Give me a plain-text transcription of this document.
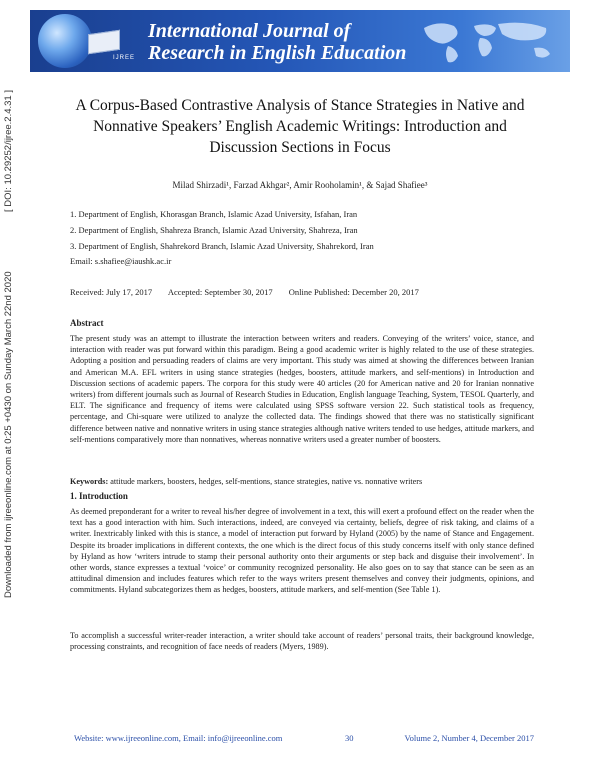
IJREE
International Journal of
Research in English Education
[ DOI: 10.29252/ijree.2.4.31 ]
Downloaded from ijreeonline.com at 0:25 +0430 on Sunday March 22nd 2020
A Corpus-Based Contrastive Analysis of Stance Strategies in Native and
Nonnative Speakers’ English Academic Writings: Introduction and
Discussion Sections in Focus
Milad Shirzadi¹, Farzad Akhgar², Amir Rooholamin¹, & Sajad Shafiee³
1. Department of English, Khorasgan Branch, Islamic Azad University, Isfahan, Iran
2. Department of English, Shahreza Branch, Islamic Azad University, Shahreza, Iran
3. Department of English, Shahrekord Branch, Islamic Azad University, Shahrekord, Iran
Email: s.shafiee@iaushk.ac.ir
Received: July 17, 2017 Accepted: September 30, 2017 Online Published: December 20, 2017
Abstract
The present study was an attempt to illustrate the interaction between writers and readers. Conveying of the writers’ voice, stance, and interaction with reader was put forward within this paradigm. Being a good academic writer is highly related to the use of these strategies. Adopting a position and persuading readers of claims are very important. This study was aimed at showing the differences between Iranian and American M.A. EFL writers in using stance strategies (hedges, boosters, attitude markers, and self-mentions) in Introduction and Discussion sections of academic papers. The corpora for this study were 40 articles (20 for American native and 20 for Iranian nonnative writers) from different journals such as Journal of Research Studies in Education, English language Teaching, System, TESOL Quarterly, and ELT. The significance and frequency of items were calculated using SPSS software version 22. Such statistical tools as frequency, percentage, and Chi-square were utilized to analyze the collected data. The findings showed that there was no statistically significant difference between native and nonnative writers in using stance strategies although native writers tended to use hedges, attitude markers, and self-mentions comparatively more than nonnatives, whereas nonnative writers used a greater number of boosters.
Keywords: attitude markers, boosters, hedges, self-mentions, stance strategies, native vs. nonnative writers
1. Introduction
As deemed preponderant for a writer to reveal his/her degree of involvement in a text, this will exert a profound effect on the reader when the text has a good interaction with him. Such interactions, indeed, are conveyed via certainty, beliefs, degree of risk taking, and claims of a writer. Inextricably linked with this is stance, a model of interaction put forward by Hyland (2005) by the name of Stance and Engagement. Despite its broader implications in different contexts, the one which is the direct focus of this study concerns itself with only stance defined by Hyland as how ‘writers intrude to stamp their personal authority onto their arguments or step back and disguise their involvement’. In other words, stance expresses a textual ‘voice’ or community recognized personality. He also goes on to say that stance can be seen as an attitudinal dimension and includes features which refer to the ways writers present themselves and convey their judgments, opinions, and commitments. Hyland subcategorizes them as hedges, boosters, attitude markers, and self-mention (See Table 1).
To accomplish a successful writer-reader interaction, a writer should take account of readers’ personal traits, their background knowledge, processing constraints, and recognition of face needs of readers (Myers, 1989).
Website: www.ijreeonline.com, Email: info@ijreeonline.com	30	Volume 2, Number 4, December 2017
